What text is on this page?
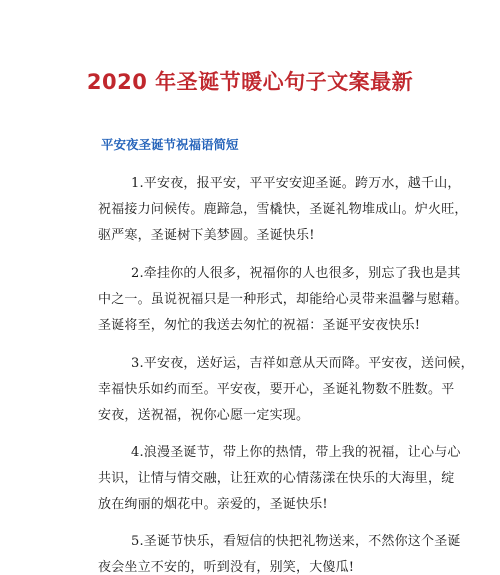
2020 年圣诞节暖心句子文案最新
平安夜圣诞节祝福语简短
1.平安夜，报平安，平平安安迎圣诞。跨万水，越千山，
祝福接力问候传。鹿蹄急，雪橇快，圣诞礼物堆成山。炉火旺，
驱严寒，圣诞树下美梦圆。圣诞快乐!
2.牵挂你的人很多，祝福你的人也很多，别忘了我也是其
中之一。虽说祝福只是一种形式，却能给心灵带来温馨与慰藉。
圣诞将至，匆忙的我送去匆忙的祝福：圣诞平安夜快乐!
3.平安夜，送好运，吉祥如意从天而降。平安夜，送问候，
幸福快乐如约而至。平安夜，要开心，圣诞礼物数不胜数。平
安夜，送祝福，祝你心愿一定实现。
4.浪漫圣诞节，带上你的热情，带上我的祝福，让心与心
共识，让情与情交融，让狂欢的心情荡漾在快乐的大海里，绽
放在绚丽的烟花中。亲爱的，圣诞快乐!
5.圣诞节快乐，看短信的快把礼物送来，不然你这个圣诞
夜会坐立不安的，听到没有，别笑，大傻瓜!
